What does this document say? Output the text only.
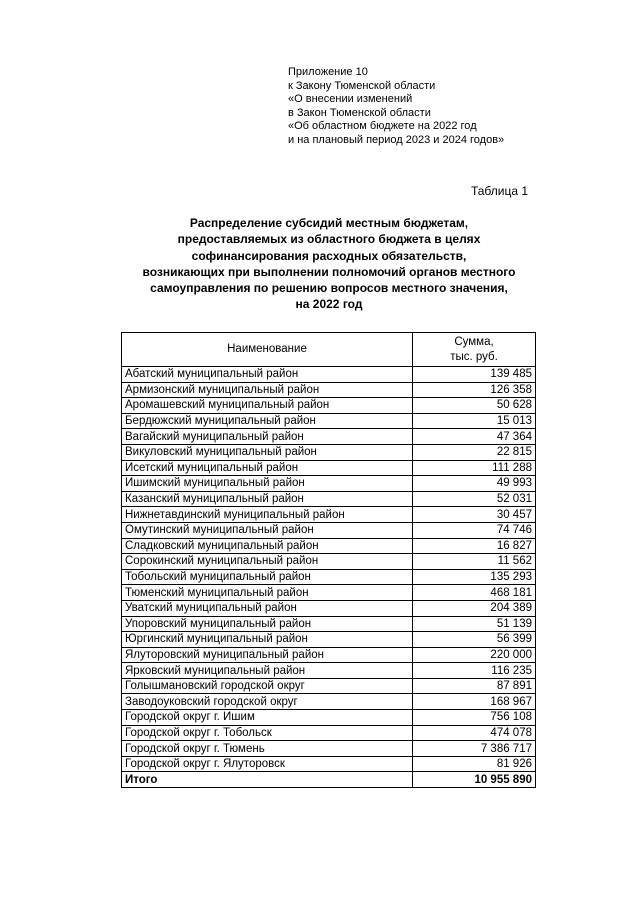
Приложение 10
к Закону Тюменской области
«О внесении изменений
в Закон Тюменской области
«Об областном бюджете на 2022 год
и на плановый период 2023 и 2024 годов»
Таблица 1
Распределение субсидий местным бюджетам,
предоставляемых из областного бюджета в целях
софинансирования расходных обязательств,
возникающих при выполнении полномочий органов местного
самоуправления по решению вопросов местного значения,
на 2022 год
Наименование	Сумма,
тыс. руб.

Абатский муниципальный район	139 485
Армизонский муниципальный район	126 358
Аромашевский муниципальный район	50 628
Бердюжский муниципальный район	15 013
Вагайский муниципальный район	47 364
Викуловский муниципальный район	22 815
Исетский муниципальный район	111 288
Ишимский муниципальный район	49 993
Казанский муниципальный район	52 031
Нижнетавдинский муниципальный район	30 457
Омутинский муниципальный район	74 746
Сладковский муниципальный район	16 827
Сорокинский муниципальный район	11 562
Тобольский муниципальный район	135 293
Тюменский муниципальный район	468 181
Уватский муниципальный район	204 389
Упоровский муниципальный район	51 139
Юргинский муниципальный район	56 399
Ялуторовский муниципальный район	220 000
Ярковский муниципальный район	116 235
Голышмановский городской округ	87 891
Заводоуковский городской округ	168 967
Городской округ г. Ишим	756 108
Городской округ г. Тобольск	474 078
Городской округ г. Тюмень	7 386 717
Городской округ г. Ялуторовск	81 926
Итого	10 955 890
